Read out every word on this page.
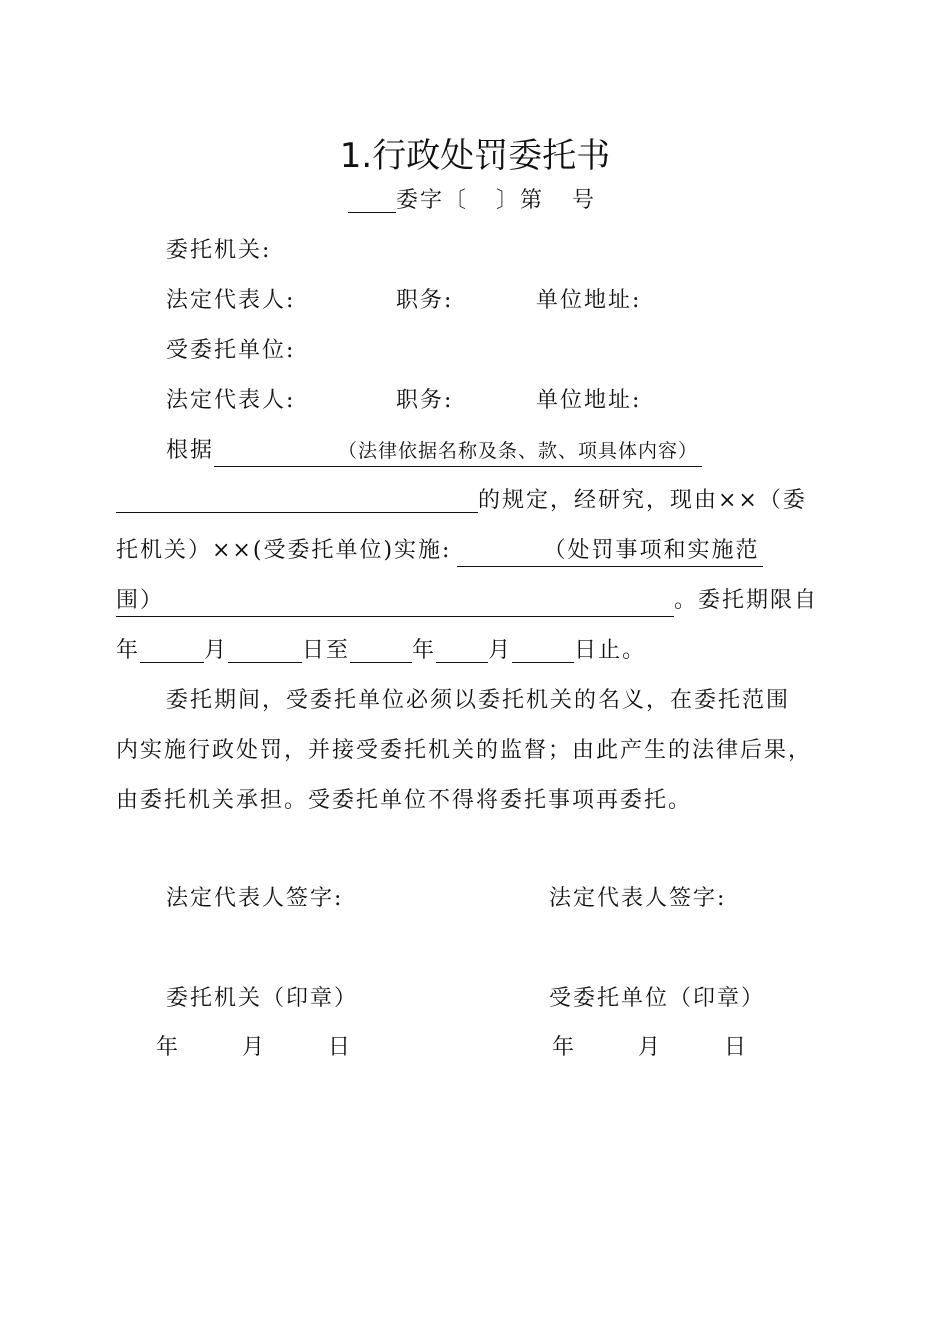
1.行政处罚委托书
委字〔 〕第 号
委托机关:
法定代表人:	职务:	单位地址:
受委托单位:
法定代表人:	职务:	单位地址:
根据	（法律依据名称及条、款、项具体内容）
的规定，经研究，现由××（委
托机关）××(受委托单位)实施:	（处罚事项和实施范
围）	。委托期限自
年	月	日至	年 月	日止。
委托期间，受委托单位必须以委托机关的名义，在委托范围
内实施行政处罚，并接受委托机关的监督；由此产生的法律后果，
由委托机关承担。受委托单位不得将委托事项再委托。
法定代表人签字:	法定代表人签字:
委托机关（印章）	受委托单位（印章）
年	月	日	年	月	日
